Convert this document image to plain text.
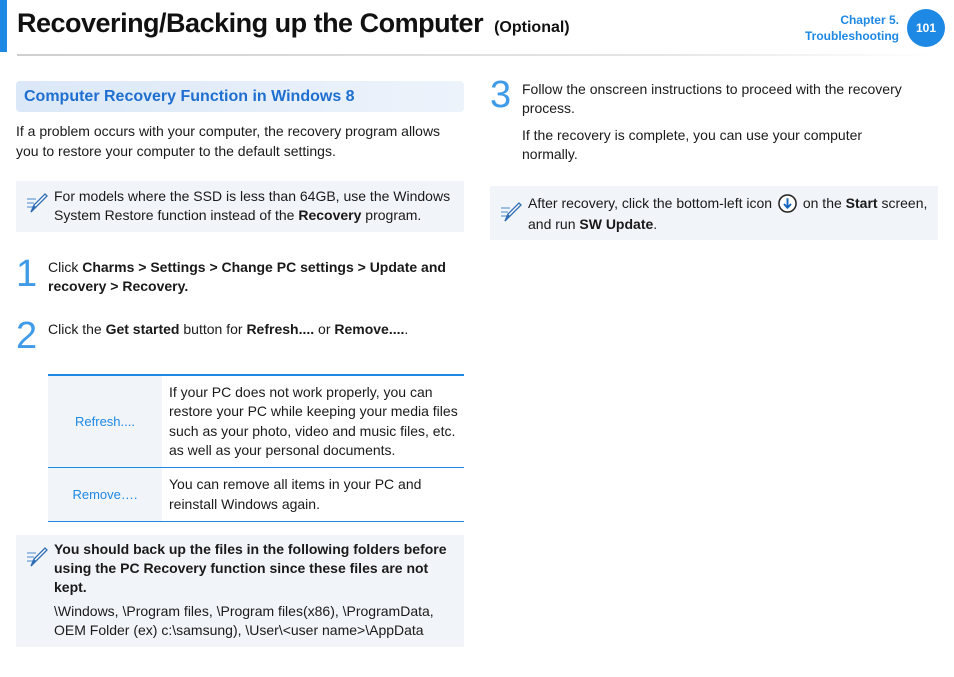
Recovering/Backing up the Computer (Optional)	Chapter 5.
Troubleshooting
101
Computer Recovery Function in Windows 8
If a problem occurs with your computer, the recovery program allows you to restore your computer to the default settings.
For models where the SSD is less than 64GB, use the Windows System Restore function instead of the Recovery program.
1 Click Charms > Settings > Change PC settings > Update and recovery > Recovery.
2 Click the Get started button for Refresh.... or Remove.....
Refresh....	If your PC does not work properly, you can restore your PC while keeping your media files such as your photo, video and music files, etc. as well as your personal documents.
Remove….	You can remove all items in your PC and reinstall Windows again.
You should back up the files in the following folders before using the PC Recovery function since these files are not kept.
\Windows, \Program files, \Program files(x86), \ProgramData, OEM Folder (ex) c:\samsung), \User\<user name>\AppData
3 Follow the onscreen instructions to proceed with the recovery process.
If the recovery is complete, you can use your computer normally.
After recovery, click the bottom-left icon on the Start screen, and run SW Update.
